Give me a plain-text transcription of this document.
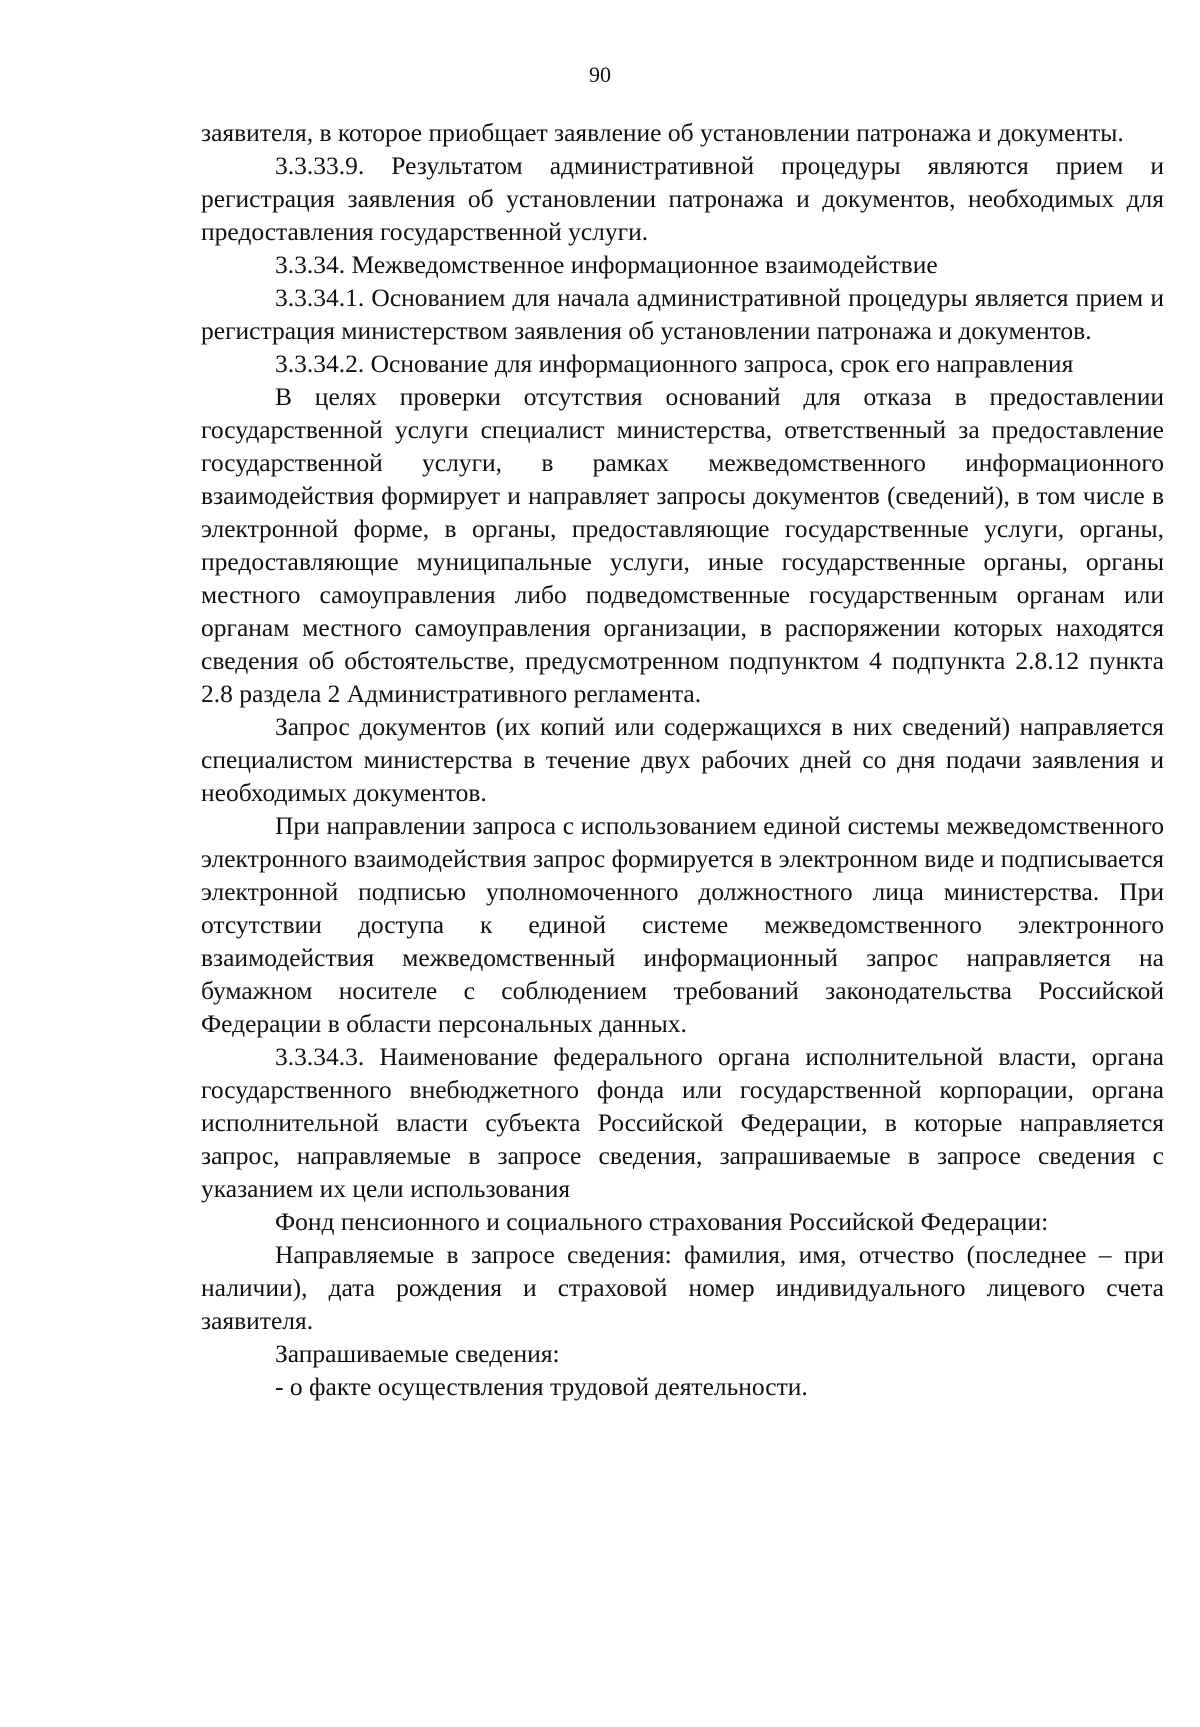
90

заявителя, в которое приобщает заявление об установлении патронажа и документы.

3.3.33.9. Результатом административной процедуры являются прием и регистрация заявления об установлении патронажа и документов, необходимых для предоставления государственной услуги.

3.3.34. Межведомственное информационное взаимодействие

3.3.34.1. Основанием для начала административной процедуры является прием и регистрация министерством заявления об установлении патронажа и документов.

3.3.34.2. Основание для информационного запроса, срок его направления

В целях проверки отсутствия оснований для отказа в предоставлении государственной услуги специалист министерства, ответственный за предоставление государственной услуги, в рамках межведомственного информационного взаимодействия формирует и направляет запросы документов (сведений), в том числе в электронной форме, в органы, предоставляющие государственные услуги, органы, предоставляющие муниципальные услуги, иные государственные органы, органы местного самоуправления либо подведомственные государственным органам или органам местного самоуправления организации, в распоряжении которых находятся сведения об обстоятельстве, предусмотренном подпунктом 4 подпункта 2.8.12 пункта 2.8 раздела 2 Административного регламента.

Запрос документов (их копий или содержащихся в них сведений) направляется специалистом министерства в течение двух рабочих дней со дня подачи заявления и необходимых документов.

При направлении запроса с использованием единой системы межведомственного электронного взаимодействия запрос формируется в электронном виде и подписывается электронной подписью уполномоченного должностного лица министерства. При отсутствии доступа к единой системе межведомственного электронного взаимодействия межведомственный информационный запрос направляется на бумажном носителе с соблюдением требований законодательства Российской Федерации в области персональных данных.

3.3.34.3. Наименование федерального органа исполнительной власти, органа государственного внебюджетного фонда или государственной корпорации, органа исполнительной власти субъекта Российской Федерации, в которые направляется запрос, направляемые в запросе сведения, запрашиваемые в запросе сведения с указанием их цели использования

Фонд пенсионного и социального страхования Российской Федерации:

Направляемые в запросе сведения: фамилия, имя, отчество (последнее – при наличии), дата рождения и страховой номер индивидуального лицевого счета заявителя.

Запрашиваемые сведения:

- о факте осуществления трудовой деятельности.
